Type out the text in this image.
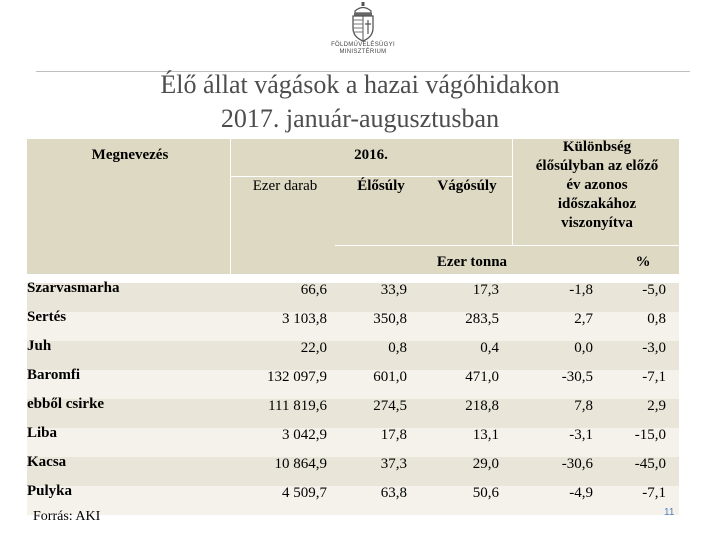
FÖLDMŰVELÉSÜGYI
MINISZTÉRIUM
Élő állat vágások a hazai vágóhidakon
2017. január-augusztusban
Megnevezés	2016.
Ezer darab	Élősúly	Vágósúly
Különbség
élősúlyban az előző
év azonos
időszakához
viszonyítva
Ezer tonna	%
Szarvasmarha	66,6	33,9	17,3	-1,8	-5,0
Sertés	3 103,8	350,8	283,5	2,7	0,8
Juh	22,0	0,8	0,4	0,0	-3,0
Baromfi	132 097,9	601,0	471,0	-30,5	-7,1
ebből csirke	111 819,6	274,5	218,8	7,8	2,9
Liba	3 042,9	17,8	13,1	-3,1	-15,0
Kacsa	10 864,9	37,3	29,0	-30,6	-45,0
Pulyka	4 509,7	63,8	50,6	-4,9	-7,1
Forrás: AKI	11
